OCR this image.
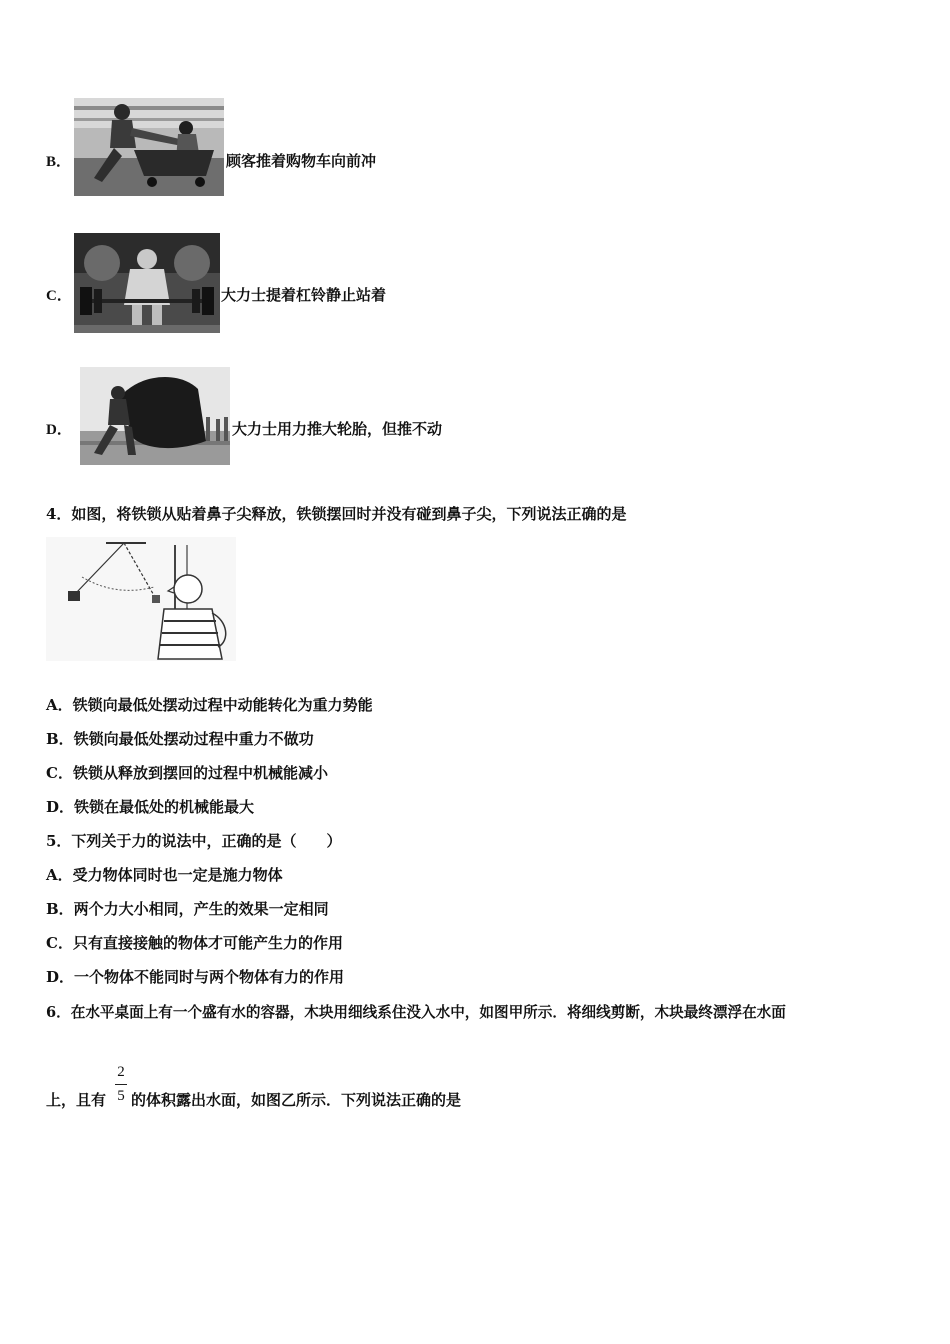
B．	顾客推着购物车向前冲
C．	大力士提着杠铃静止站着
D．	大力士用力推大轮胎，但推不动
4．如图，将铁锁从贴着鼻子尖释放，铁锁摆回时并没有碰到鼻子尖，下列说法正确的是
A．铁锁向最低处摆动过程中动能转化为重力势能
B．铁锁向最低处摆动过程中重力不做功
C．铁锁从释放到摆回的过程中机械能减小
D．铁锁在最低处的机械能最大
5．下列关于力的说法中，正确的是（　　）
A．受力物体同时也一定是施力物体
B．两个力大小相同，产生的效果一定相同
C．只有直接接触的物体才可能产生力的作用
D．一个物体不能同时与两个物体有力的作用
6．在水平桌面上有一个盛有水的容器，木块用细线系住没入水中，如图甲所示．将细线剪断，木块最终漂浮在水面
上，且有
2
5 的体积露出水面，如图乙所示．下列说法正确的是
